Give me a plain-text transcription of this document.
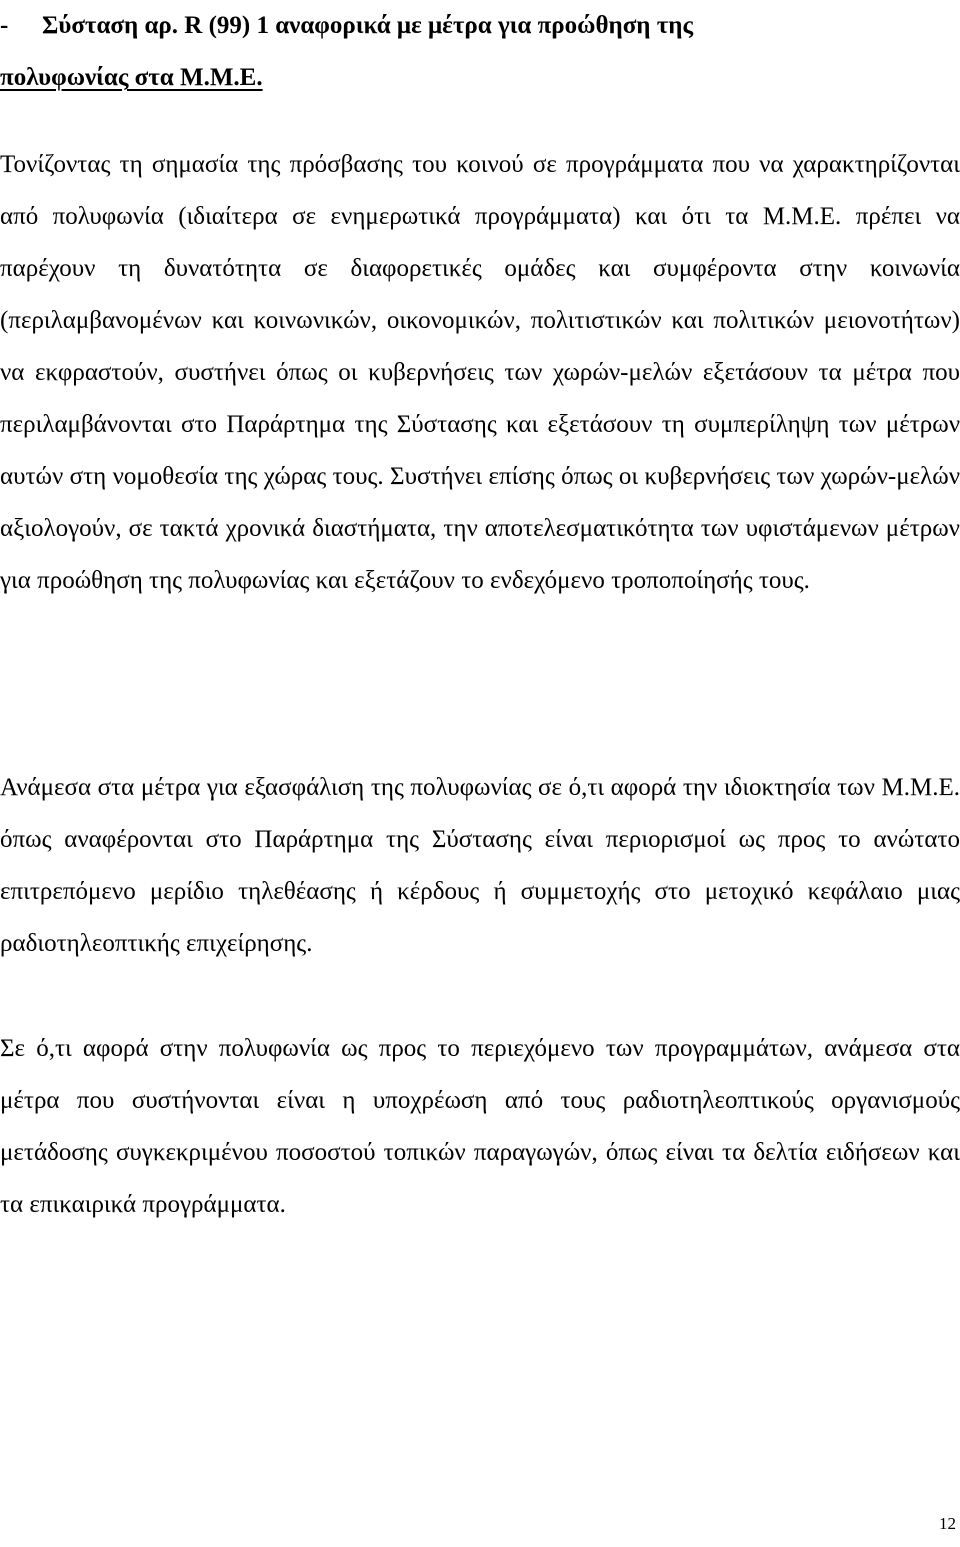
- Σύσταση αρ. R (99) 1 αναφορικά με μέτρα για προώθηση της
πολυφωνίας στα Μ.Μ.Ε.

Τονίζοντας τη σημασία της πρόσβασης του κοινού σε προγράμματα που να χαρακτηρίζονται από πολυφωνία (ιδιαίτερα σε ενημερωτικά προγράμματα) και ότι τα Μ.Μ.Ε. πρέπει να παρέχουν τη δυνατότητα σε διαφορετικές ομάδες και συμφέροντα στην κοινωνία (περιλαμβανομένων και κοινωνικών, οικονομικών, πολιτιστικών και πολιτικών μειονοτήτων) να εκφραστούν, συστήνει όπως οι κυβερνήσεις των χωρών-μελών εξετάσουν τα μέτρα που περιλαμβάνονται στο Παράρτημα της Σύστασης και εξετάσουν τη συμπερίληψη των μέτρων αυτών στη νομοθεσία της χώρας τους. Συστήνει επίσης όπως οι κυβερνήσεις των χωρών-μελών αξιολογούν, σε τακτά χρονικά διαστήματα, την αποτελεσματικότητα των υφιστάμενων μέτρων για προώθηση της πολυφωνίας και εξετάζουν το ενδεχόμενο τροποποίησής τους.

Ανάμεσα στα μέτρα για εξασφάλιση της πολυφωνίας σε ό,τι αφορά την ιδιοκτησία των Μ.Μ.Ε. όπως αναφέρονται στο Παράρτημα της Σύστασης είναι περιορισμοί ως προς το ανώτατο επιτρεπόμενο μερίδιο τηλεθέασης ή κέρδους ή συμμετοχής στο μετοχικό κεφάλαιο μιας ραδιοτηλεοπτικής επιχείρησης.

Σε ό,τι αφορά στην πολυφωνία ως προς το περιεχόμενο των προγραμμάτων, ανάμεσα στα μέτρα που συστήνονται είναι η υποχρέωση από τους ραδιοτηλεοπτικούς οργανισμούς μετάδοσης συγκεκριμένου ποσοστού τοπικών παραγωγών, όπως είναι τα δελτία ειδήσεων και τα επικαιρικά προγράμματα.

12
